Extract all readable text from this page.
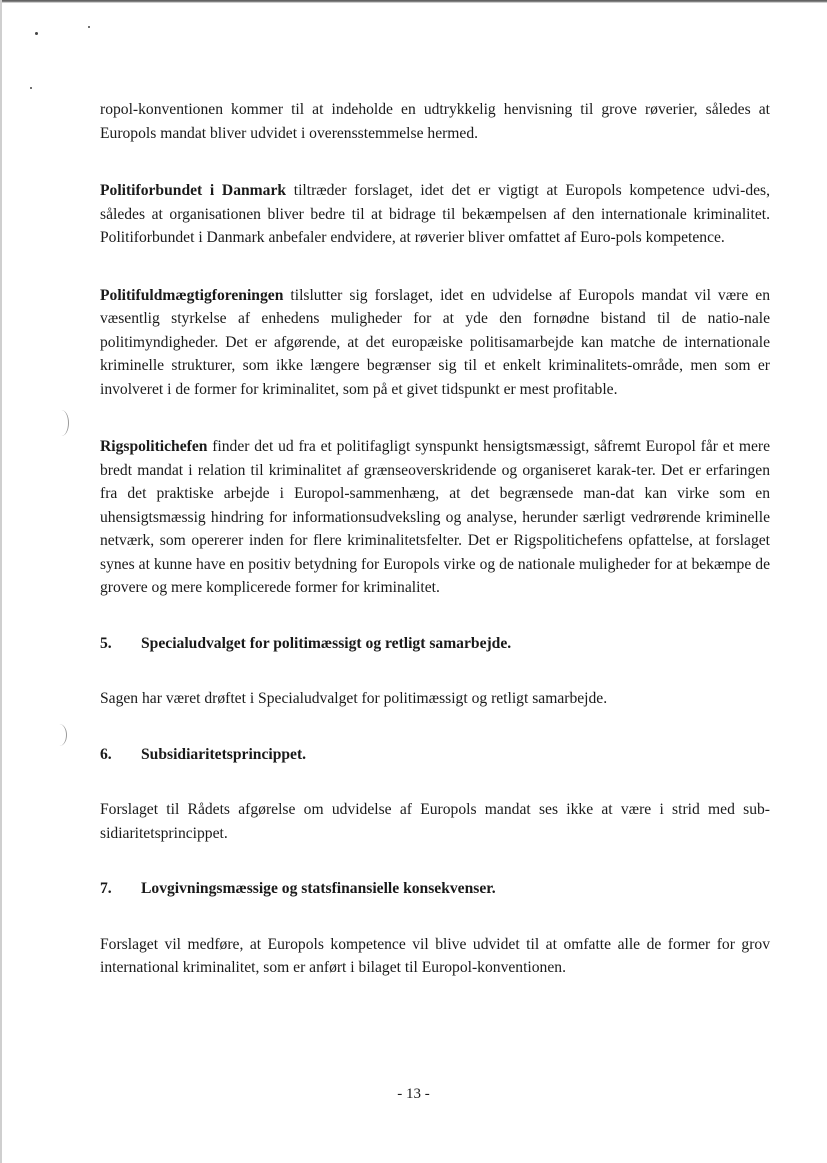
ropol-konventionen kommer til at indeholde en udtrykkelig henvisning til grove røverier, således at Europols mandat bliver udvidet i overensstemmelse hermed.

Politiforbundet i Danmark tiltræder forslaget, idet det er vigtigt at Europols kompetence udvi-des, således at organisationen bliver bedre til at bidrage til bekæmpelsen af den internationale kriminalitet. Politiforbundet i Danmark anbefaler endvidere, at røverier bliver omfattet af Euro-pols kompetence.

Politifuldmægtigforeningen tilslutter sig forslaget, idet en udvidelse af Europols mandat vil være en væsentlig styrkelse af enhedens muligheder for at yde den fornødne bistand til de natio-nale politimyndigheder. Det er afgørende, at det europæiske politisamarbejde kan matche de internationale kriminelle strukturer, som ikke længere begrænser sig til et enkelt kriminalitets-område, men som er involveret i de former for kriminalitet, som på et givet tidspunkt er mest profitable.

Rigspolitichefen finder det ud fra et politifagligt synspunkt hensigtsmæssigt, såfremt Europol får et mere bredt mandat i relation til kriminalitet af grænseoverskridende og organiseret karak-ter. Det er erfaringen fra det praktiske arbejde i Europol-sammenhæng, at det begrænsede man-dat kan virke som en uhensigtsmæssig hindring for informationsudveksling og analyse, herunder særligt vedrørende kriminelle netværk, som opererer inden for flere kriminalitetsfelter. Det er Rigspolitichefens opfattelse, at forslaget synes at kunne have en positiv betydning for Europols virke og de nationale muligheder for at bekæmpe de grovere og mere komplicerede former for kriminalitet.

5.	Specialudvalget for politimæssigt og retligt samarbejde.

Sagen har været drøftet i Specialudvalget for politimæssigt og retligt samarbejde.

6.	Subsidiaritetsprincippet.

Forslaget til Rådets afgørelse om udvidelse af Europols mandat ses ikke at være i strid med sub-sidiaritetsprincippet.

7.	Lovgivningsmæssige og statsfinansielle konsekvenser.

Forslaget vil medføre, at Europols kompetence vil blive udvidet til at omfatte alle de former for grov international kriminalitet, som er anført i bilaget til Europol-konventionen.

- 13 -
